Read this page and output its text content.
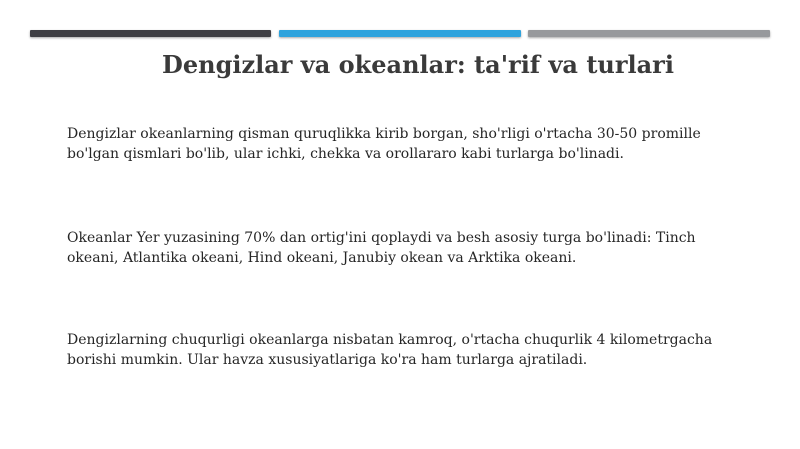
Dengizlar va okeanlar: ta'rif va turlari

Dengizlar okeanlarning qisman quruqlikka kirib borgan, sho'rligi o'rtacha 30-50 promille bo'lgan qismlari bo'lib, ular ichki, chekka va orollararo kabi turlarga bo'linadi.

Okeanlar Yer yuzasining 70% dan ortig'ini qoplaydi va besh asosiy turga bo'linadi: Tinch okeani, Atlantika okeani, Hind okeani, Janubiy okean va Arktika okeani.

Dengizlarning chuqurligi okeanlarga nisbatan kamroq, o'rtacha chuqurlik 4 kilometrgacha borishi mumkin. Ular havza xususiyatlariga ko'ra ham turlarga ajratiladi.
